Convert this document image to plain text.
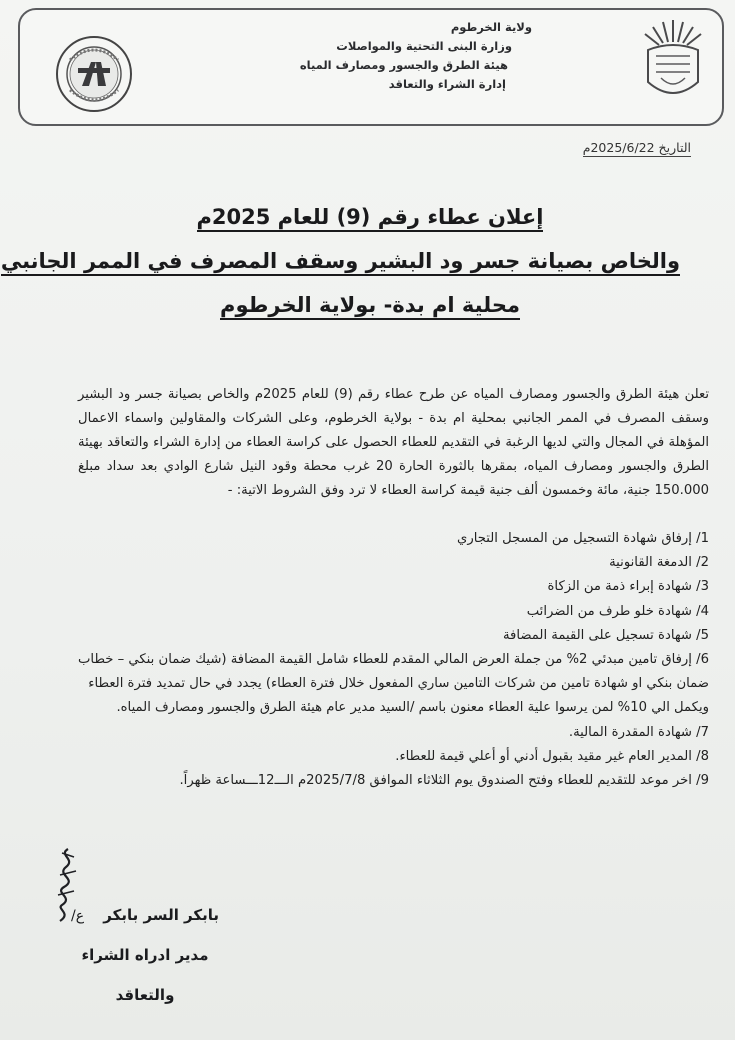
ولاية الخرطوم
وزارة البنى التحتية والمواصلات
هيئة الطرق والجسور ومصارف المياه
إدارة الشراء والتعاقد
التاريخ 2025/6/22م
إعلان عطاء رقم (9) للعام 2025م
والخاص بصيانة جسر ود البشير وسقف المصرف في الممر الجانبي
محلية ام بدة- بولاية الخرطوم

تعلن هيئة الطرق والجسور ومصارف المياه عن طرح عطاء رقم (9) للعام 2025م والخاص بصيانة جسر ود البشير وسقف المصرف في الممر الجانبي بمحلية ام بدة - بولاية الخرطوم، وعلى الشركات والمقاولين واسماء الاعمال المؤهلة في المجال والتي لديها الرغبة في التقديم للعطاء الحصول على كراسة العطاء من إدارة الشراء والتعاقد بهيئة الطرق والجسور ومصارف المياه، بمقرها بالثورة الحارة 20 غرب محطة وقود النيل شارع الوادي بعد سداد مبلغ 150.000 جنية، مائة وخمسون ألف جنية قيمة كراسة العطاء لا ترد وفق الشروط الاتية: -

1/ إرفاق شهادة التسجيل من المسجل التجاري
2/ الدمغة القانونية
3/ شهادة إبراء ذمة من الزكاة
4/ شهادة خلو طرف من الضرائب
5/ شهادة تسجيل على القيمة المضافة
6/ إرفاق تامين مبدئي 2% من جملة العرض المالي المقدم للعطاء شامل القيمة المضافة (شيك ضمان بنكي – خطاب ضمان بنكي او شهادة تامين من شركات التامين ساري المفعول خلال فترة العطاء) يجدد في حال تمديد فترة العطاء ويكمل الي 10% لمن يرسوا علية العطاء معنون باسم /السيد مدير عام هيئة الطرق والجسور ومصارف المياه.
7/ شهادة المقدرة المالية.
8/ المدير العام غير مقيد بقبول أدني أو أعلي قيمة للعطاء.
9/ اخر موعد للتقديم للعطاء وفتح الصندوق يوم الثلاثاء الموافق 2025/7/8م الـــ12ـــساعة ظهراً.
بابكر السر بابكر ع/
مدير ادراه الشراء والتعاقد
